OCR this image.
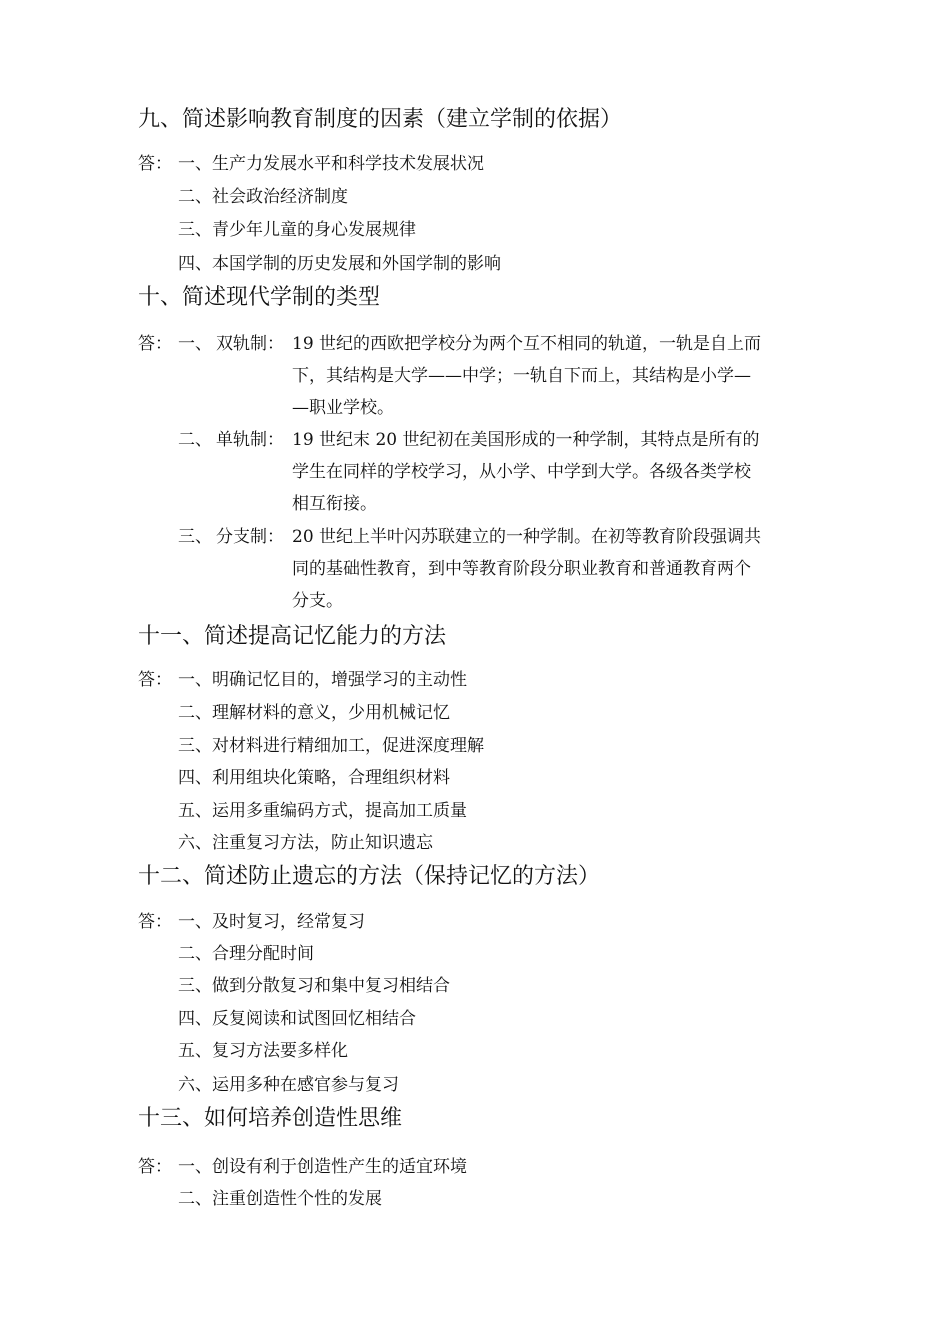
九、简述影响教育制度的因素（建立学制的依据）
答： 一、生产力发展水平和科学技术发展状况
二、社会政治经济制度
三、青少年儿童的身心发展规律
四、本国学制的历史发展和外国学制的影响
十、简述现代学制的类型
答： 一、 双轨制： 19 世纪的西欧把学校分为两个互不相同的轨道，一轨是自上而
下，其结构是大学——中学；一轨自下而上，其结构是小学—
—职业学校。
二、 单轨制： 19 世纪末 20 世纪初在美国形成的一种学制，其特点是所有的
学生在同样的学校学习，从小学、中学到大学。各级各类学校
相互衔接。
三、 分支制： 20 世纪上半叶闪苏联建立的一种学制。在初等教育阶段强调共
同的基础性教育，到中等教育阶段分职业教育和普通教育两个
分支。
十一、简述提高记忆能力的方法
答： 一、明确记忆目的，增强学习的主动性
二、理解材料的意义，少用机械记忆
三、对材料进行精细加工，促进深度理解
四、利用组块化策略，合理组织材料
五、运用多重编码方式，提高加工质量
六、注重复习方法，防止知识遗忘
十二、简述防止遗忘的方法（保持记忆的方法）
答： 一、及时复习，经常复习
二、合理分配时间
三、做到分散复习和集中复习相结合
四、反复阅读和试图回忆相结合
五、复习方法要多样化
六、运用多种在感官参与复习
十三、如何培养创造性思维
答： 一、创设有利于创造性产生的适宜环境
二、注重创造性个性的发展
